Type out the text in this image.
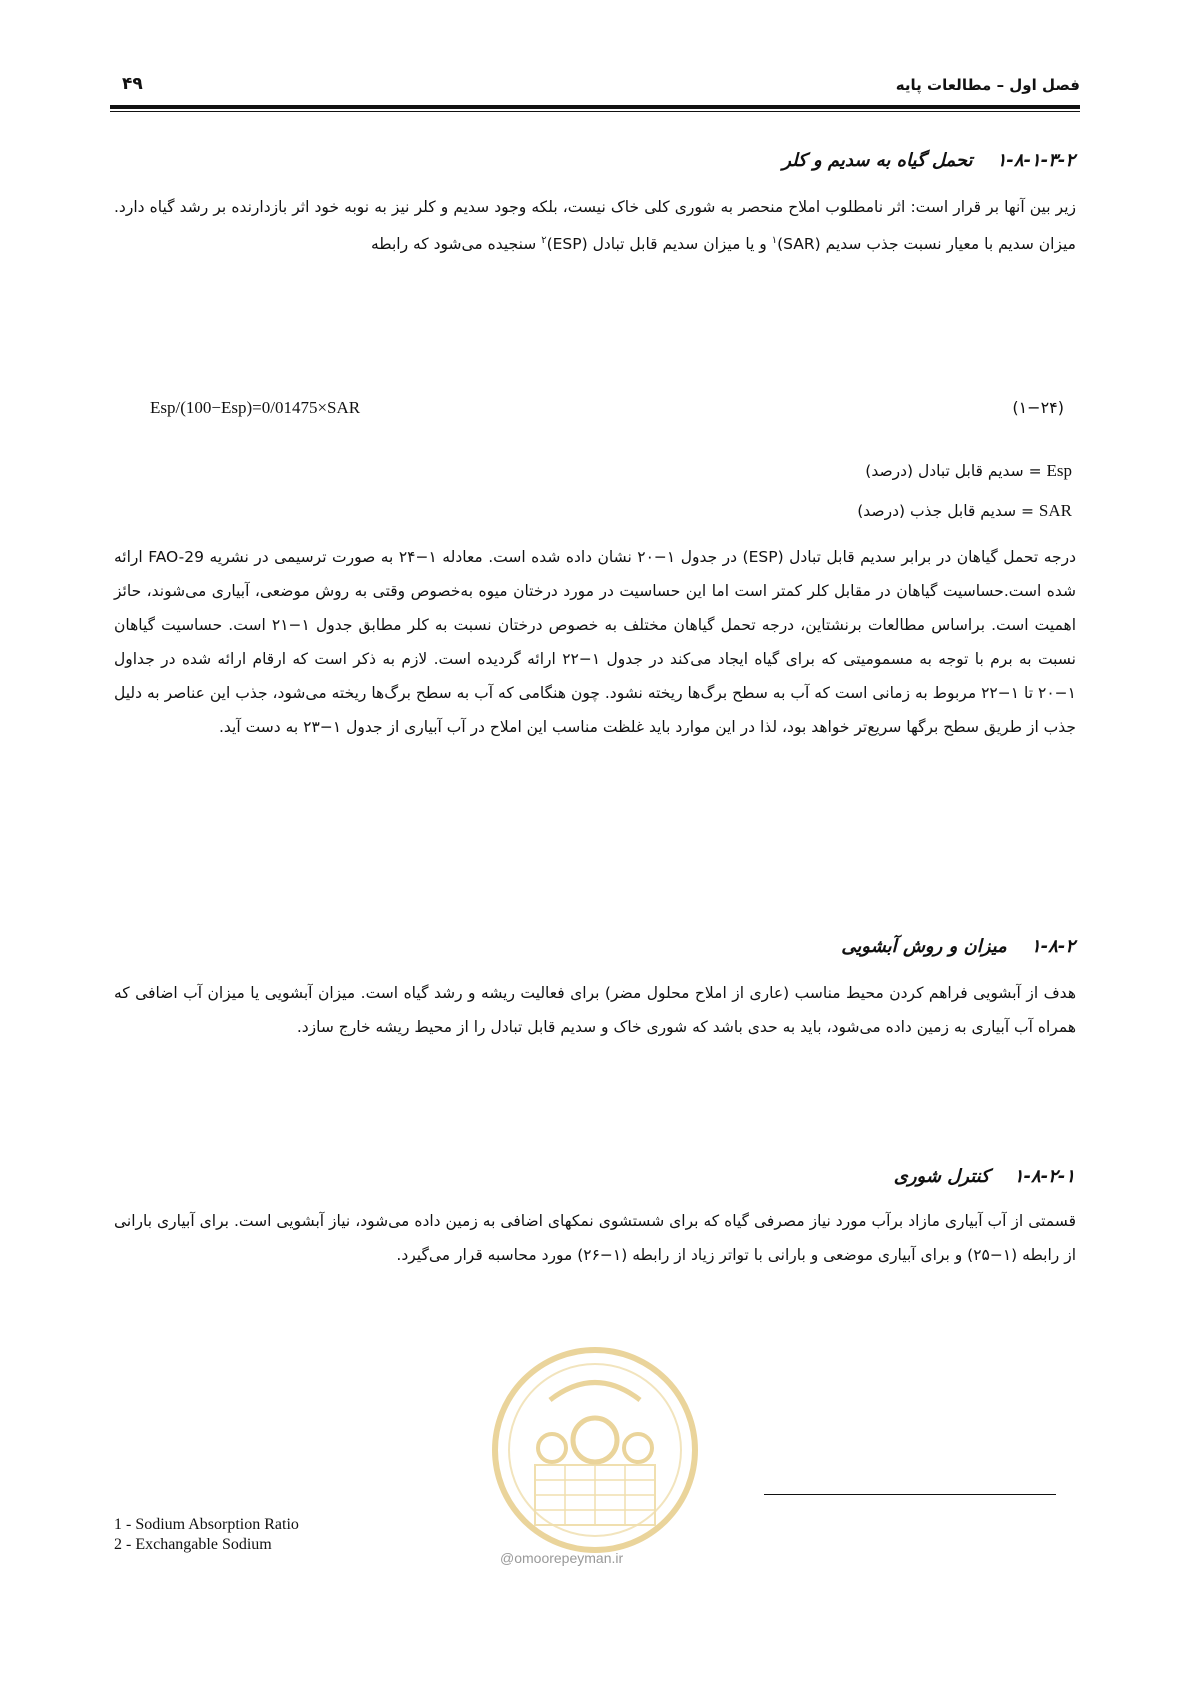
فصل اول – مطالعات پایه
۴۹
۱-۸-۱-۳-۲ تحمل گیاه به سدیم و کلر
زیر بین آنها بر قرار است: اثر نامطلوب املاح منحصر به شوری کلی خاک نیست، بلکه وجود سدیم و کلر نیز به نوبه خود اثر بازدارنده بر رشد گیاه دارد. میزان سدیم با معیار نسبت جذب سدیم (SAR)$^۱$ و یا میزان سدیم قابل تبادل (ESP)$^۲$ سنجیده می‌شود که رابطه
Esp/(100−Esp)=0/01475×SAR	(۱−۲۴)
Esp = سدیم قابل تبادل (درصد)
SAR = سدیم قابل جذب (درصد)
درجه تحمل گیاهان در برابر سدیم قابل تبادل (ESP) در جدول ۱−۲۰ نشان داده شده است. معادله ۱−۲۴ به صورت ترسیمی در نشریه FAO-29 ارائه شده است.حساسیت گیاهان در مقابل کلر کمتر است اما این حساسیت در مورد درختان میوه به‌خصوص وقتی به روش موضعی، آبیاری می‌شوند، حائز اهمیت است. براساس مطالعات برنشتاین، درجه تحمل گیاهان مختلف به خصوص درختان نسبت به کلر مطابق جدول ۱−۲۱ است. حساسیت گیاهان نسبت به برم با توجه به مسمومیتی که برای گیاه ایجاد می‌کند در جدول ۱−۲۲ ارائه گردیده است. لازم به ذکر است که ارقام ارائه شده در جداول ۱−۲۰ تا ۱−۲۲ مربوط به زمانی است که آب به سطح برگ‌ها ریخته نشود. چون هنگامی که آب به سطح برگ‌ها ریخته می‌شود، جذب این عناصر به دلیل جذب از طریق سطح برگها سریع‌تر خواهد بود، لذا در این موارد باید غلظت مناسب این املاح در آب آبیاری از جدول ۱−۲۳ به دست آید.
۱-۸-۲ میزان و روش آبشویی
هدف از آبشویی فراهم کردن محیط مناسب (عاری از املاح محلول مضر) برای فعالیت ریشه و رشد گیاه است. میزان آبشویی یا میزان آب اضافی که همراه آب آبیاری به زمین داده می‌شود، باید به حدی باشد که شوری خاک و سدیم قابل تبادل را از محیط ریشه خارج سازد.
۱-۸-۲-۱ کنترل شوری
قسمتی از آب آبیاری مازاد برآب مورد نیاز مصرفی گیاه که برای شستشوی نمکهای اضافی به زمین داده می‌شود، نیاز آبشویی است. برای آبیاری بارانی از رابطه (۱−۲۵) و برای آبیاری موضعی و بارانی با تواتر زیاد از رابطه (۱−۲۶) مورد محاسبه قرار می‌گیرد.
@omoorepeyman.ir
1 - Sodium Absorption Ratio
2 - Exchangable Sodium
